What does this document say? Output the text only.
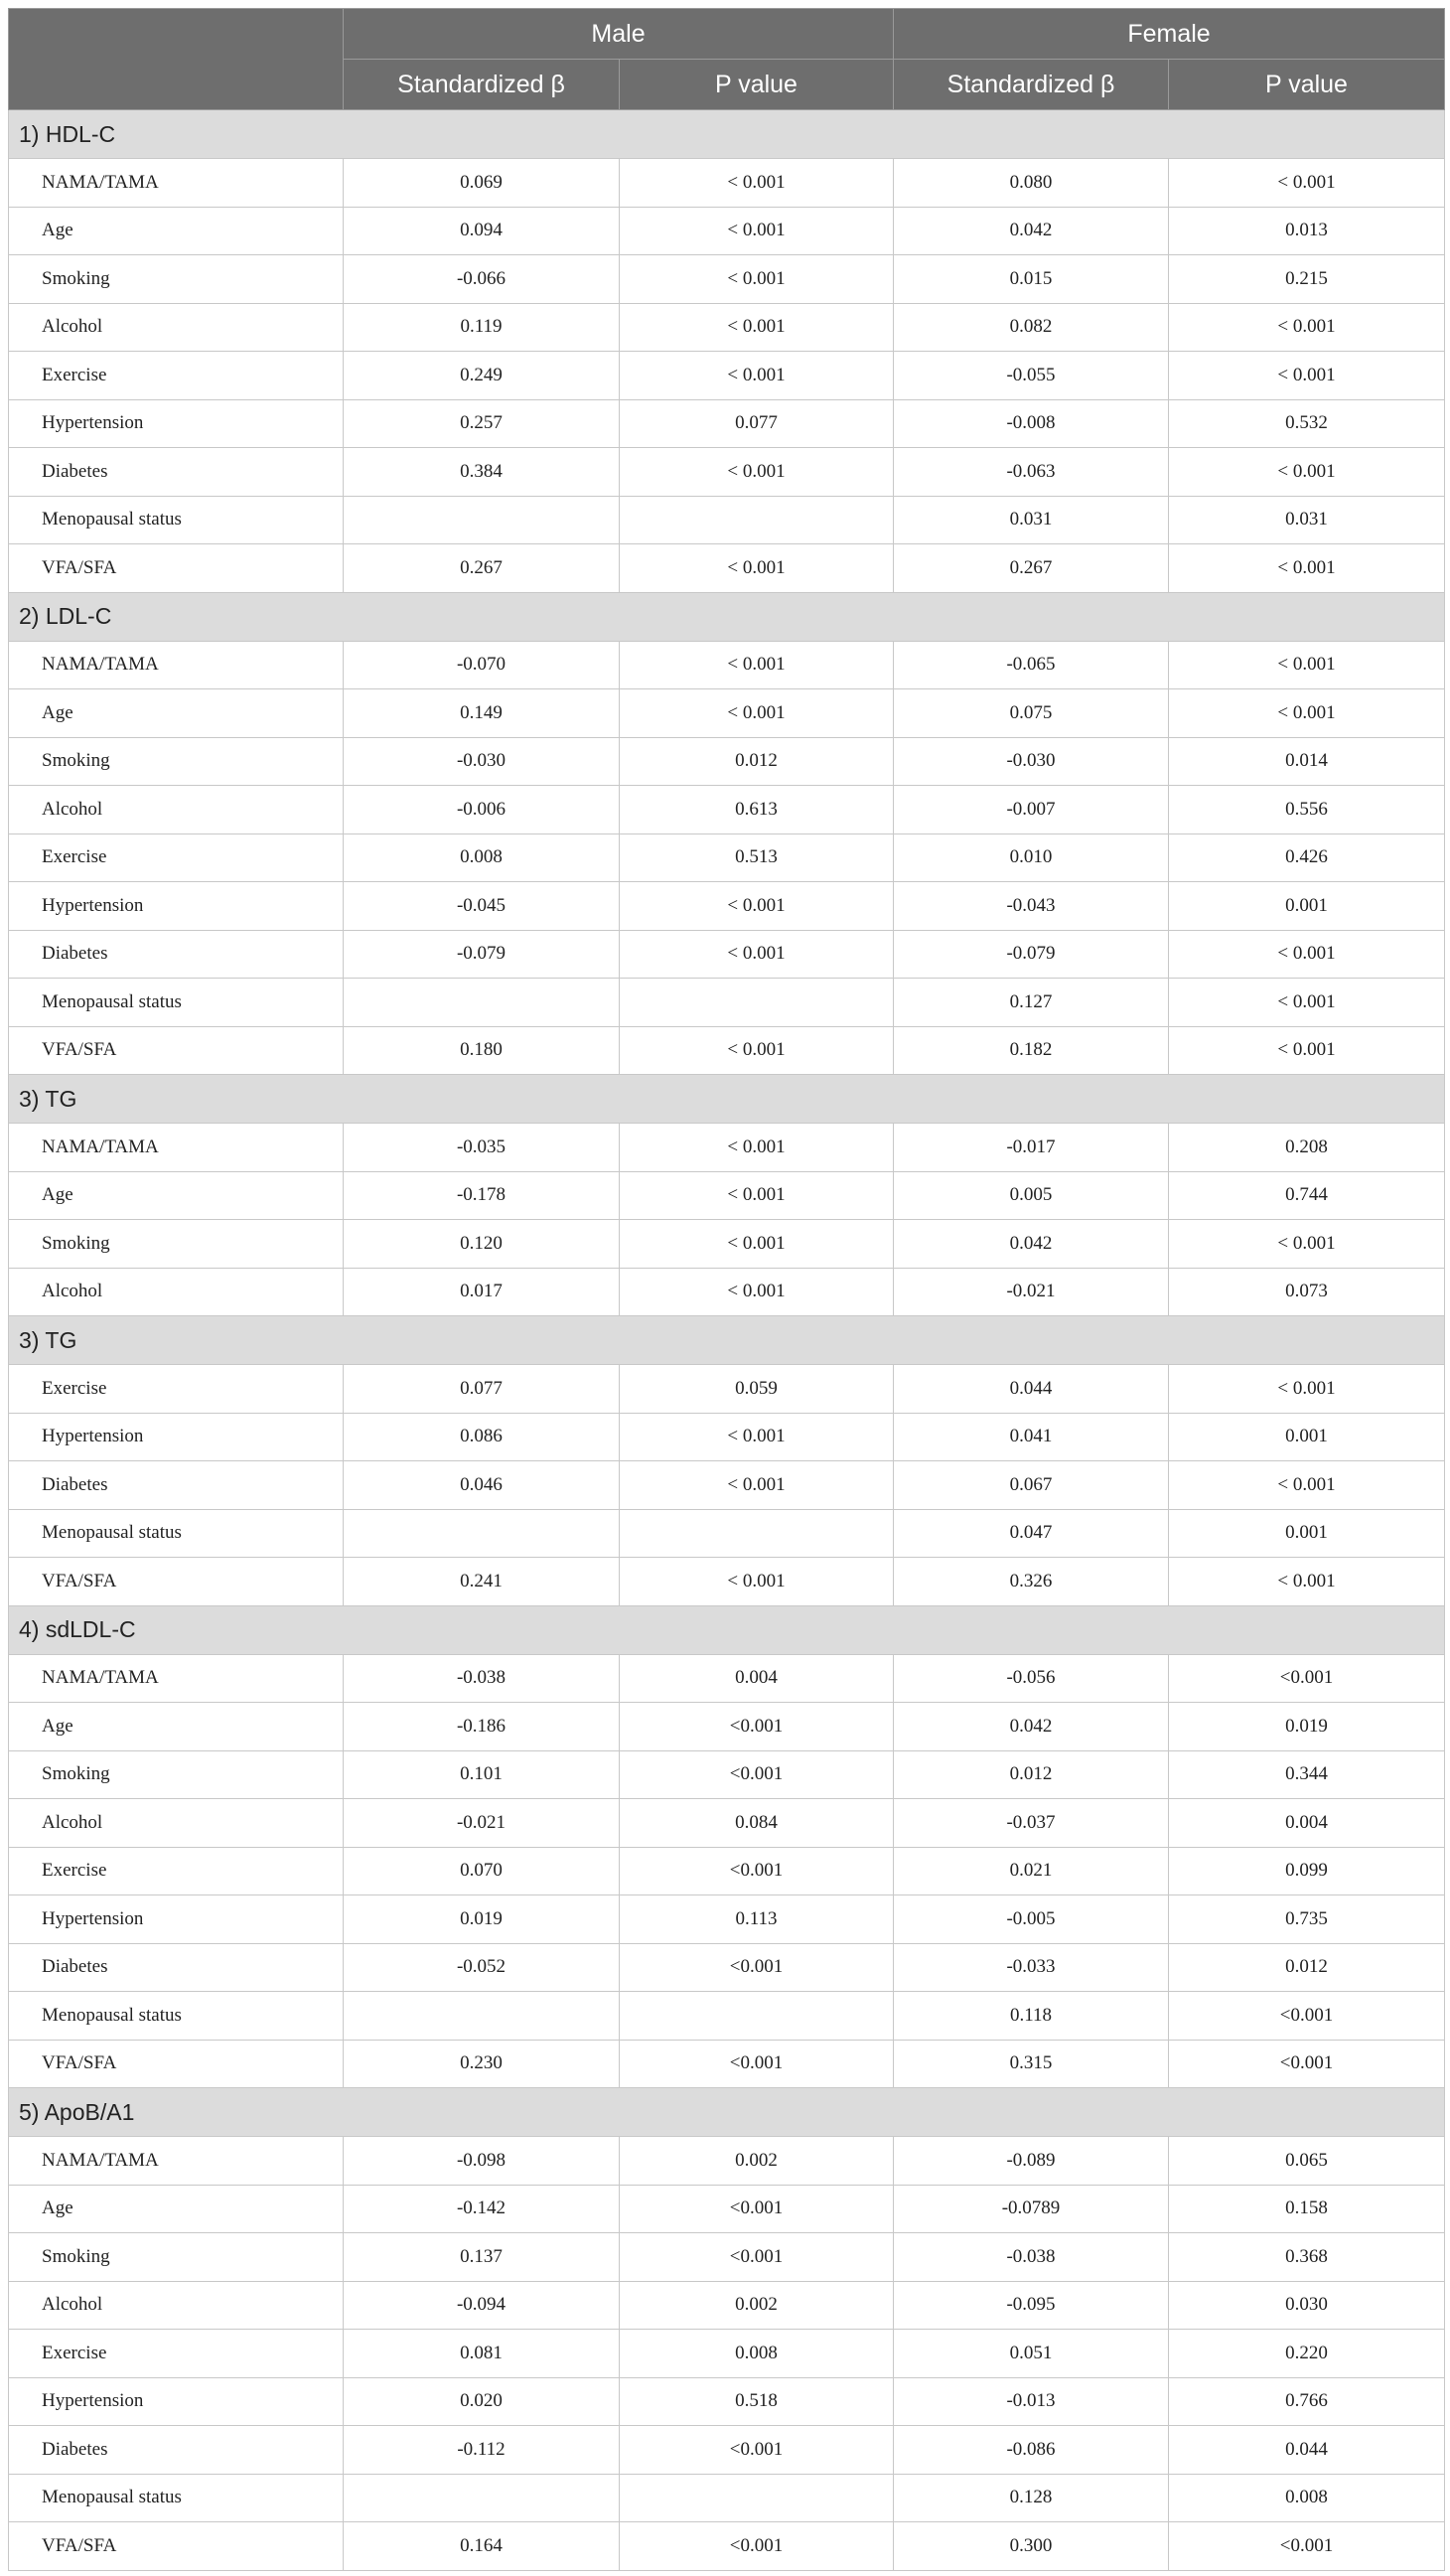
	Male		Female	
	Standardized β	P value	Standardized β	P value
1) HDL-C				
NAMA/TAMA	0.069	< 0.001	0.080	< 0.001
Age	0.094	< 0.001	0.042	0.013
Smoking	-0.066	< 0.001	0.015	0.215
Alcohol	0.119	< 0.001	0.082	< 0.001
Exercise	0.249	< 0.001	-0.055	< 0.001
Hypertension	0.257	0.077	-0.008	0.532
Diabetes	0.384	< 0.001	-0.063	< 0.001
Menopausal status			0.031	0.031
VFA/SFA	0.267	< 0.001	0.267	< 0.001
2) LDL-C				
NAMA/TAMA	-0.070	< 0.001	-0.065	< 0.001
Age	0.149	< 0.001	0.075	< 0.001
Smoking	-0.030	0.012	-0.030	0.014
Alcohol	-0.006	0.613	-0.007	0.556
Exercise	0.008	0.513	0.010	0.426
Hypertension	-0.045	< 0.001	-0.043	0.001
Diabetes	-0.079	< 0.001	-0.079	< 0.001
Menopausal status			0.127	< 0.001
VFA/SFA	0.180	< 0.001	0.182	< 0.001
3) TG				
NAMA/TAMA	-0.035	< 0.001	-0.017	0.208
Age	-0.178	< 0.001	0.005	0.744
Smoking	0.120	< 0.001	0.042	< 0.001
Alcohol	0.017	< 0.001	-0.021	0.073
3) TG				
Exercise	0.077	0.059	0.044	< 0.001
Hypertension	0.086	< 0.001	0.041	0.001
Diabetes	0.046	< 0.001	0.067	< 0.001
Menopausal status			0.047	0.001
VFA/SFA	0.241	< 0.001	0.326	< 0.001
4) sdLDL-C				
NAMA/TAMA	-0.038	0.004	-0.056	<0.001
Age	-0.186	<0.001	0.042	0.019
Smoking	0.101	<0.001	0.012	0.344
Alcohol	-0.021	0.084	-0.037	0.004
Exercise	0.070	<0.001	0.021	0.099
Hypertension	0.019	0.113	-0.005	0.735
Diabetes	-0.052	<0.001	-0.033	0.012
Menopausal status			0.118	<0.001
VFA/SFA	0.230	<0.001	0.315	<0.001
5) ApoB/A1				
NAMA/TAMA	-0.098	0.002	-0.089	0.065
Age	-0.142	<0.001	-0.0789	0.158
Smoking	0.137	<0.001	-0.038	0.368
Alcohol	-0.094	0.002	-0.095	0.030
Exercise	0.081	0.008	0.051	0.220
Hypertension	0.020	0.518	-0.013	0.766
Diabetes	-0.112	<0.001	-0.086	0.044
Menopausal status			0.128	0.008
VFA/SFA	0.164	<0.001	0.300	<0.001
